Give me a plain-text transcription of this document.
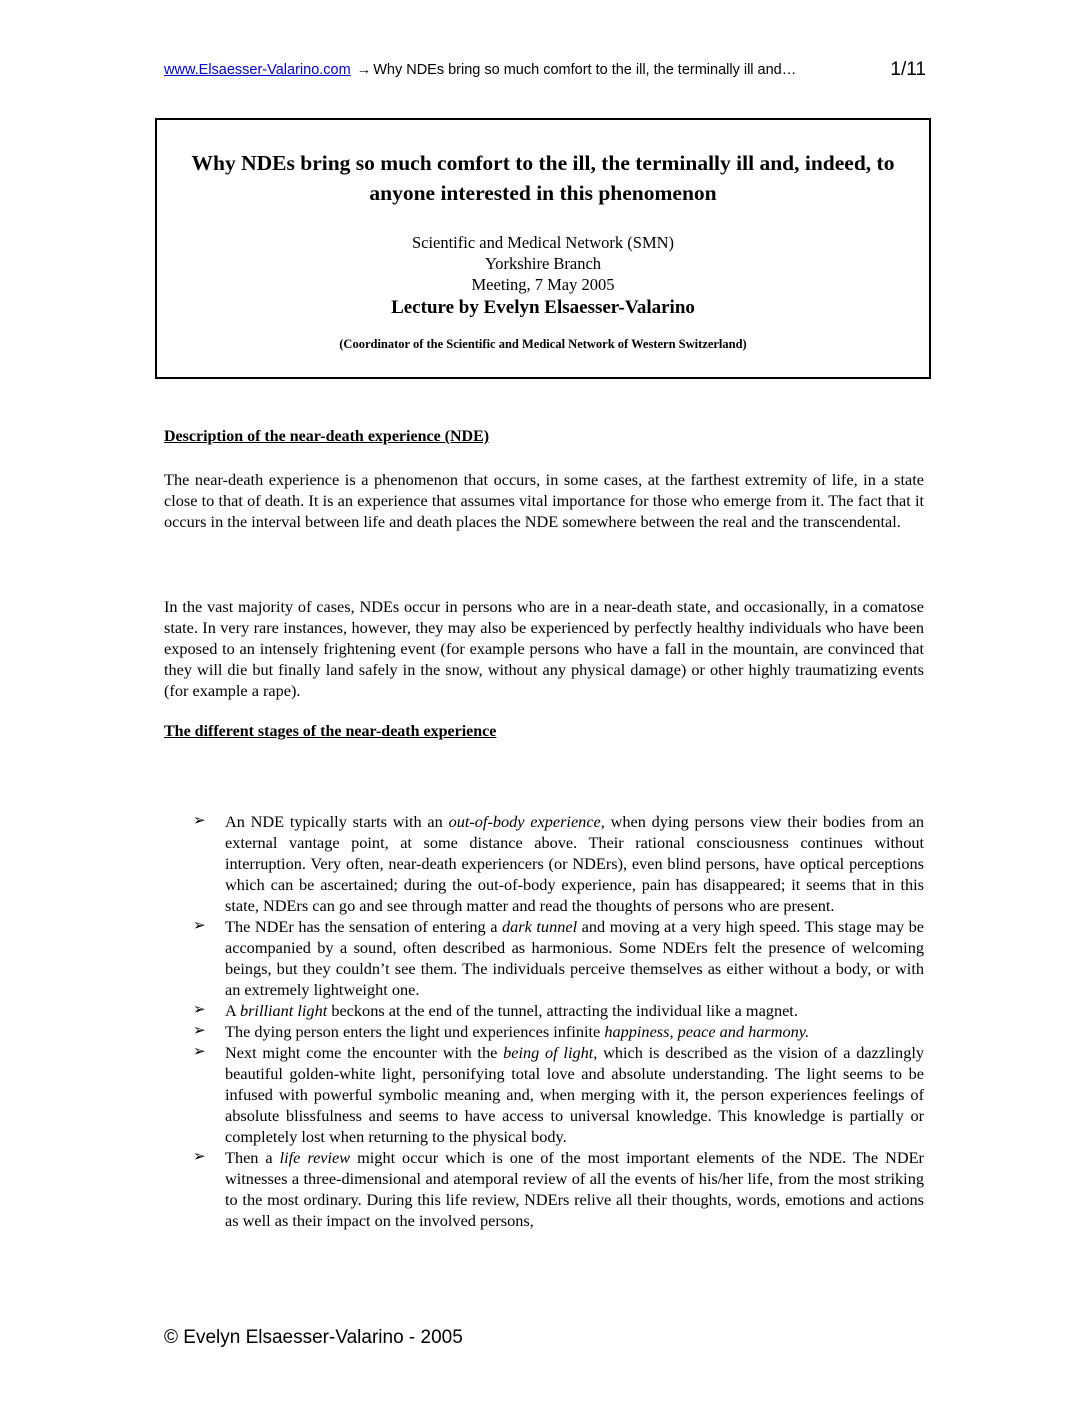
www.Elsaesser-Valarino.com → Why NDEs bring so much comfort to the ill, the terminally ill and…	1/11
Why NDEs bring so much comfort to the ill, the terminally ill and, indeed, to anyone interested in this phenomenon
Scientific and Medical Network (SMN)
Yorkshire Branch
Meeting, 7 May 2005
Lecture by Evelyn Elsaesser-Valarino
(Coordinator of the Scientific and Medical Network of Western Switzerland)
Description of the near-death experience (NDE)

The near-death experience is a phenomenon that occurs, in some cases, at the farthest extremity of life, in a state close to that of death. It is an experience that assumes vital importance for those who emerge from it. The fact that it occurs in the interval between life and death places the NDE somewhere between the real and the transcendental.

In the vast majority of cases, NDEs occur in persons who are in a near-death state, and occasionally, in a comatose state. In very rare instances, however, they may also be experienced by perfectly healthy individuals who have been exposed to an intensely frightening event (for example persons who have a fall in the mountain, are convinced that they will die but finally land safely in the snow, without any physical damage) or other highly traumatizing events (for example a rape).

The different stages of the near-death experience
➢ An NDE typically starts with an out-of-body experience, when dying persons view their bodies from an external vantage point, at some distance above. Their rational consciousness continues without interruption. Very often, near-death experiencers (or NDErs), even blind persons, have optical perceptions which can be ascertained; during the out-of-body experience, pain has disappeared; it seems that in this state, NDErs can go and see through matter and read the thoughts of persons who are present.
➢ The NDEr has the sensation of entering a dark tunnel and moving at a very high speed. This stage may be accompanied by a sound, often described as harmonious. Some NDErs felt the presence of welcoming beings, but they couldn’t see them. The individuals perceive themselves as either without a body, or with an extremely lightweight one.
➢ A brilliant light beckons at the end of the tunnel, attracting the individual like a magnet.
➢ The dying person enters the light und experiences infinite happiness, peace and harmony.
➢ Next might come the encounter with the being of light, which is described as the vision of a dazzlingly beautiful golden-white light, personifying total love and absolute understanding. The light seems to be infused with powerful symbolic meaning and, when merging with it, the person experiences feelings of absolute blissfulness and seems to have access to universal knowledge. This knowledge is partially or completely lost when returning to the physical body.
➢ Then a life review might occur which is one of the most important elements of the NDE. The NDEr witnesses a three-dimensional and atemporal review of all the events of his/her life, from the most striking to the most ordinary. During this life review, NDErs relive all their thoughts, words, emotions and actions as well as their impact on the involved persons,
© Evelyn Elsaesser-Valarino - 2005
